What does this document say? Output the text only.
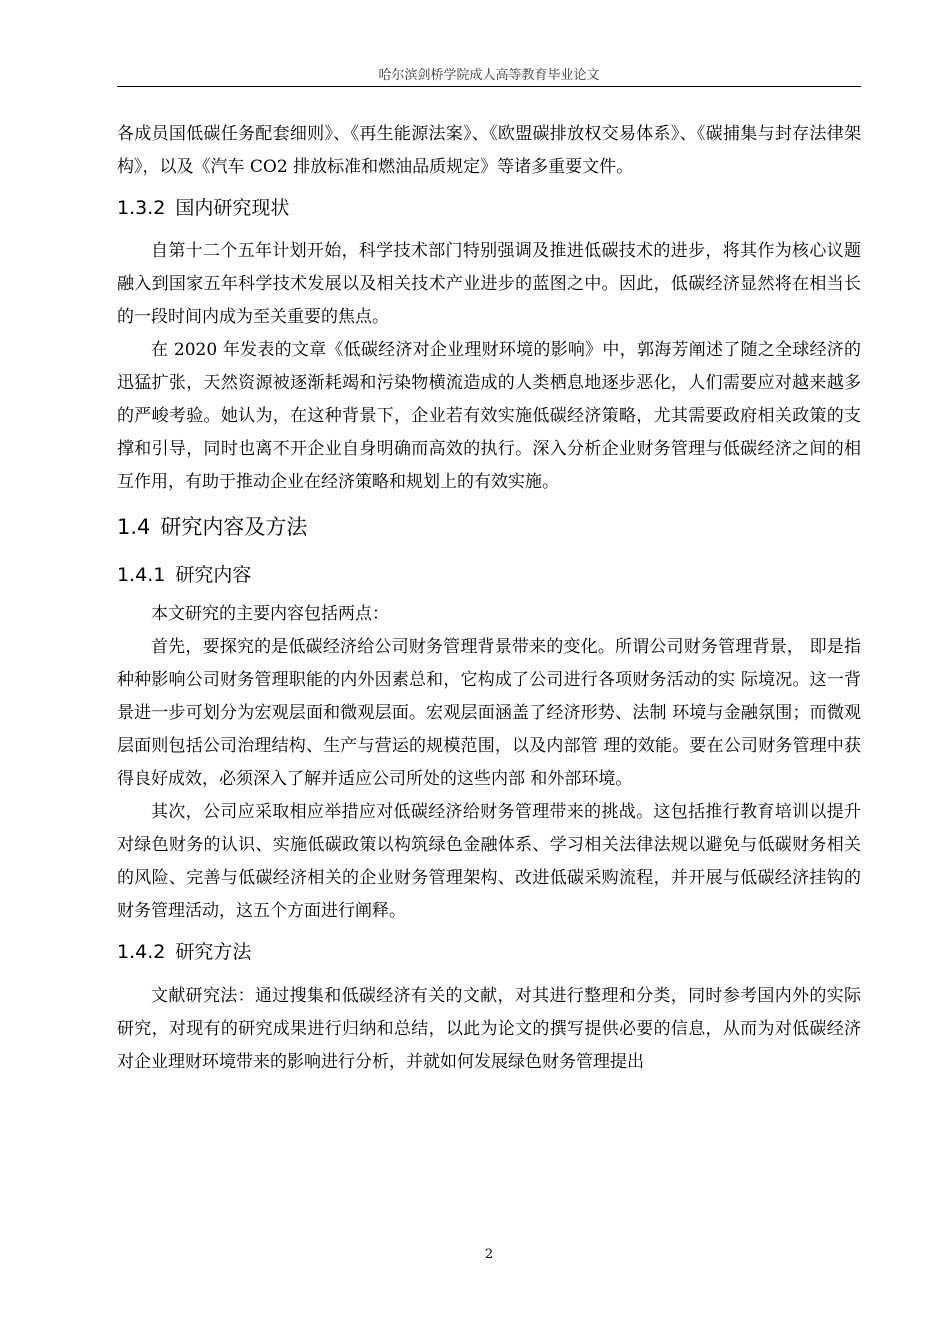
哈尔滨剑桥学院成人高等教育毕业论文

各成员国低碳任务配套细则》、《再生能源法案》、《欧盟碳排放权交易体系》、《碳捕集与封存法律架构》，以及《汽车 CO2 排放标准和燃油品质规定》等诸多重要文件。

1.3.2 国内研究现状

自第十二个五年计划开始，科学技术部门特别强调及推进低碳技术的进步，将其作为核心议题融入到国家五年科学技术发展以及相关技术产业进步的蓝图之中。因此，低碳经济显然将在相当长的一段时间内成为至关重要的焦点。

在 2020 年发表的文章《低碳经济对企业理财环境的影响》中，郭海芳阐述了随之全球经济的迅猛扩张，天然资源被逐渐耗竭和污染物横流造成的人类栖息地逐步恶化，人们需要应对越来越多的严峻考验。她认为，在这种背景下，企业若有效实施低碳经济策略，尤其需要政府相关政策的支撑和引导，同时也离不开企业自身明确而高效的执行。深入分析企业财务管理与低碳经济之间的相互作用，有助于推动企业在经济策略和规划上的有效实施。

1.4 研究内容及方法
1.4.1 研究内容

本文研究的主要内容包括两点：

首先，要探究的是低碳经济给公司财务管理背景带来的变化。所谓公司财务管理背景， 即是指种种影响公司财务管理职能的内外因素总和，它构成了公司进行各项财务活动的实 际境况。这一背景进一步可划分为宏观层面和微观层面。宏观层面涵盖了经济形势、法制 环境与金融氛围；而微观层面则包括公司治理结构、生产与营运的规模范围，以及内部管 理的效能。要在公司财务管理中获得良好成效，必须深入了解并适应公司所处的这些内部 和外部环境。

其次，公司应采取相应举措应对低碳经济给财务管理带来的挑战。这包括推行教育培训以提升对绿色财务的认识、实施低碳政策以构筑绿色金融体系、学习相关法律法规以避免与低碳财务相关的风险、完善与低碳经济相关的企业财务管理架构、改进低碳采购流程，并开展与低碳经济挂钩的财务管理活动，这五个方面进行阐释。

1.4.2 研究方法

文献研究法：通过搜集和低碳经济有关的文献，对其进行整理和分类，同时参考国内外的实际研究，对现有的研究成果进行归纳和总结，以此为论文的撰写提供必要的信息，从而为对低碳经济对企业理财环境带来的影响进行分析，并就如何发展绿色财务管理提出

2
